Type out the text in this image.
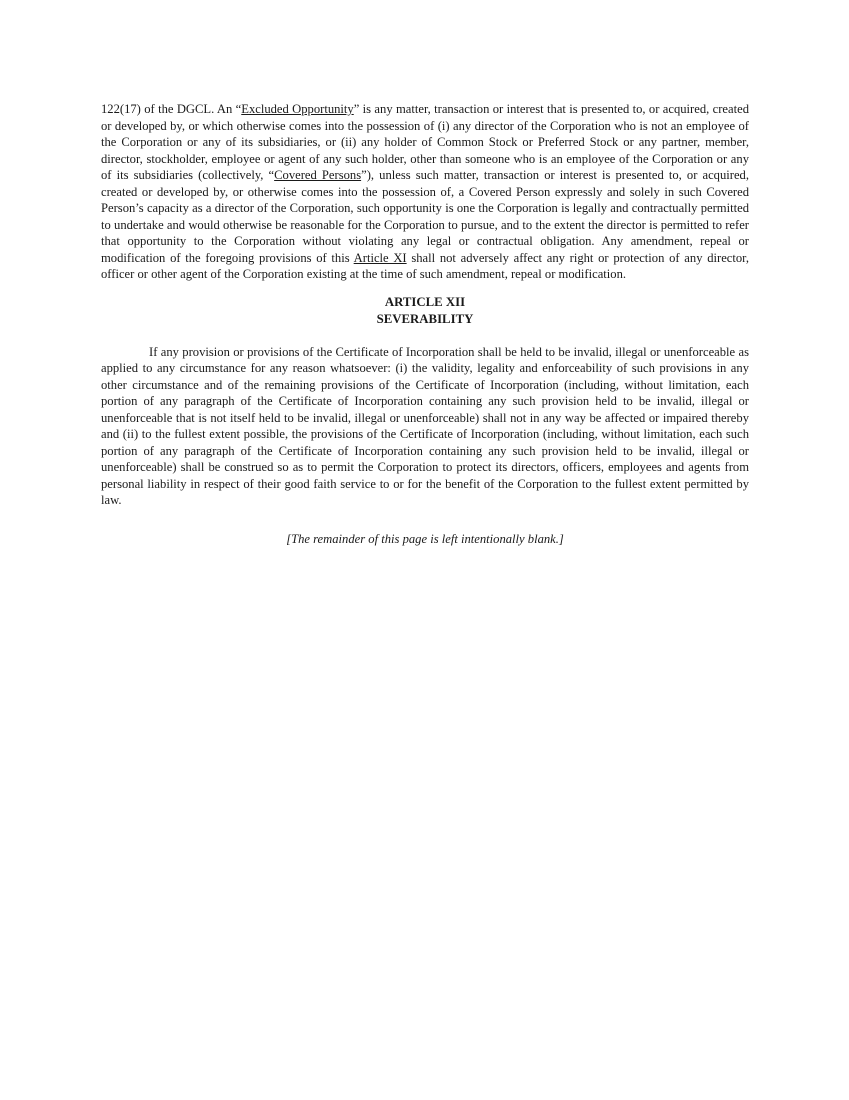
122(17) of the DGCL. An “Excluded Opportunity” is any matter, transaction or interest that is presented to, or acquired, created or developed by, or which otherwise comes into the possession of (i) any director of the Corporation who is not an employee of the Corporation or any of its subsidiaries, or (ii) any holder of Common Stock or Preferred Stock or any partner, member, director, stockholder, employee or agent of any such holder, other than someone who is an employee of the Corporation or any of its subsidiaries (collectively, “Covered Persons”), unless such matter, transaction or interest is presented to, or acquired, created or developed by, or otherwise comes into the possession of, a Covered Person expressly and solely in such Covered Person’s capacity as a director of the Corporation, such opportunity is one the Corporation is legally and contractually permitted to undertake and would otherwise be reasonable for the Corporation to pursue, and to the extent the director is permitted to refer that opportunity to the Corporation without violating any legal or contractual obligation. Any amendment, repeal or modification of the foregoing provisions of this Article XI shall not adversely affect any right or protection of any director, officer or other agent of the Corporation existing at the time of such amendment, repeal or modification.

ARTICLE XII

SEVERABILITY

If any provision or provisions of the Certificate of Incorporation shall be held to be invalid, illegal or unenforceable as applied to any circumstance for any reason whatsoever: (i) the validity, legality and enforceability of such provisions in any other circumstance and of the remaining provisions of the Certificate of Incorporation (including, without limitation, each portion of any paragraph of the Certificate of Incorporation containing any such provision held to be invalid, illegal or unenforceable that is not itself held to be invalid, illegal or unenforceable) shall not in any way be affected or impaired thereby and (ii) to the fullest extent possible, the provisions of the Certificate of Incorporation (including, without limitation, each such portion of any paragraph of the Certificate of Incorporation containing any such provision held to be invalid, illegal or unenforceable) shall be construed so as to permit the Corporation to protect its directors, officers, employees and agents from personal liability in respect of their good faith service to or for the benefit of the Corporation to the fullest extent permitted by law.

[The remainder of this page is left intentionally blank.]
